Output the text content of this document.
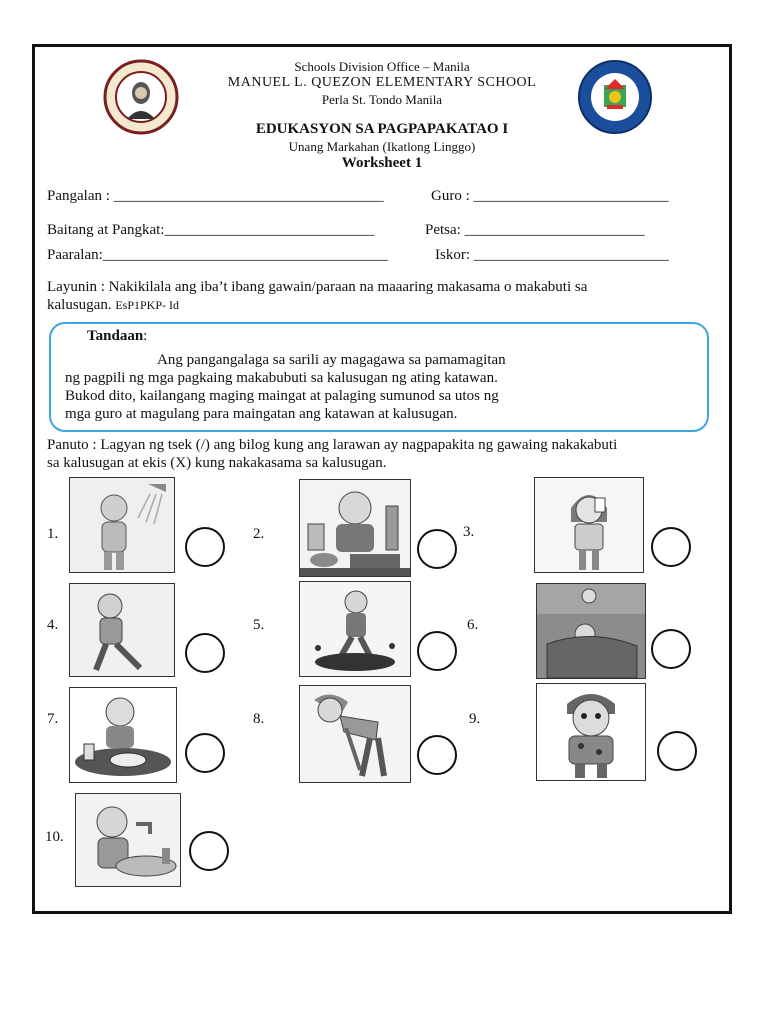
Schools Division Office – Manila
MANUEL L. QUEZON ELEMENTARY SCHOOL
Perla St. Tondo Manila
EDUKASYON SA PAGPAPAKATAO I
Unang Markahan (Ikatlong Linggo)
Worksheet 1
Pangalan : ____________________________________	Guro : __________________________
Baitang at Pangkat:____________________________	Petsa: ________________________
Paaralan:______________________________________	Iskor: __________________________
Layunin : Nakikilala ang iba’t ibang gawain/paraan na maaaring makasama o makabuti sa
kalusugan. EsP1PKP- Id
Tandaan:
Ang pangangalaga sa sarili ay magagawa sa pamamagitan
ng pagpili ng mga pagkaing makabubuti sa kalusugan ng ating katawan.
Bukod dito, kailangang maging maingat at palaging sumunod sa utos ng
mga guro at magulang para maingatan ang katawan at kalusugan.
Panuto : Lagyan ng tsek (/) ang bilog kung ang larawan ay nagpapakita ng gawaing nakakabuti
sa kalusugan at ekis (X) kung nakakasama sa kalusugan.
1.	2.	3.
4.	5.	6.
7.	8.	9.
10.
